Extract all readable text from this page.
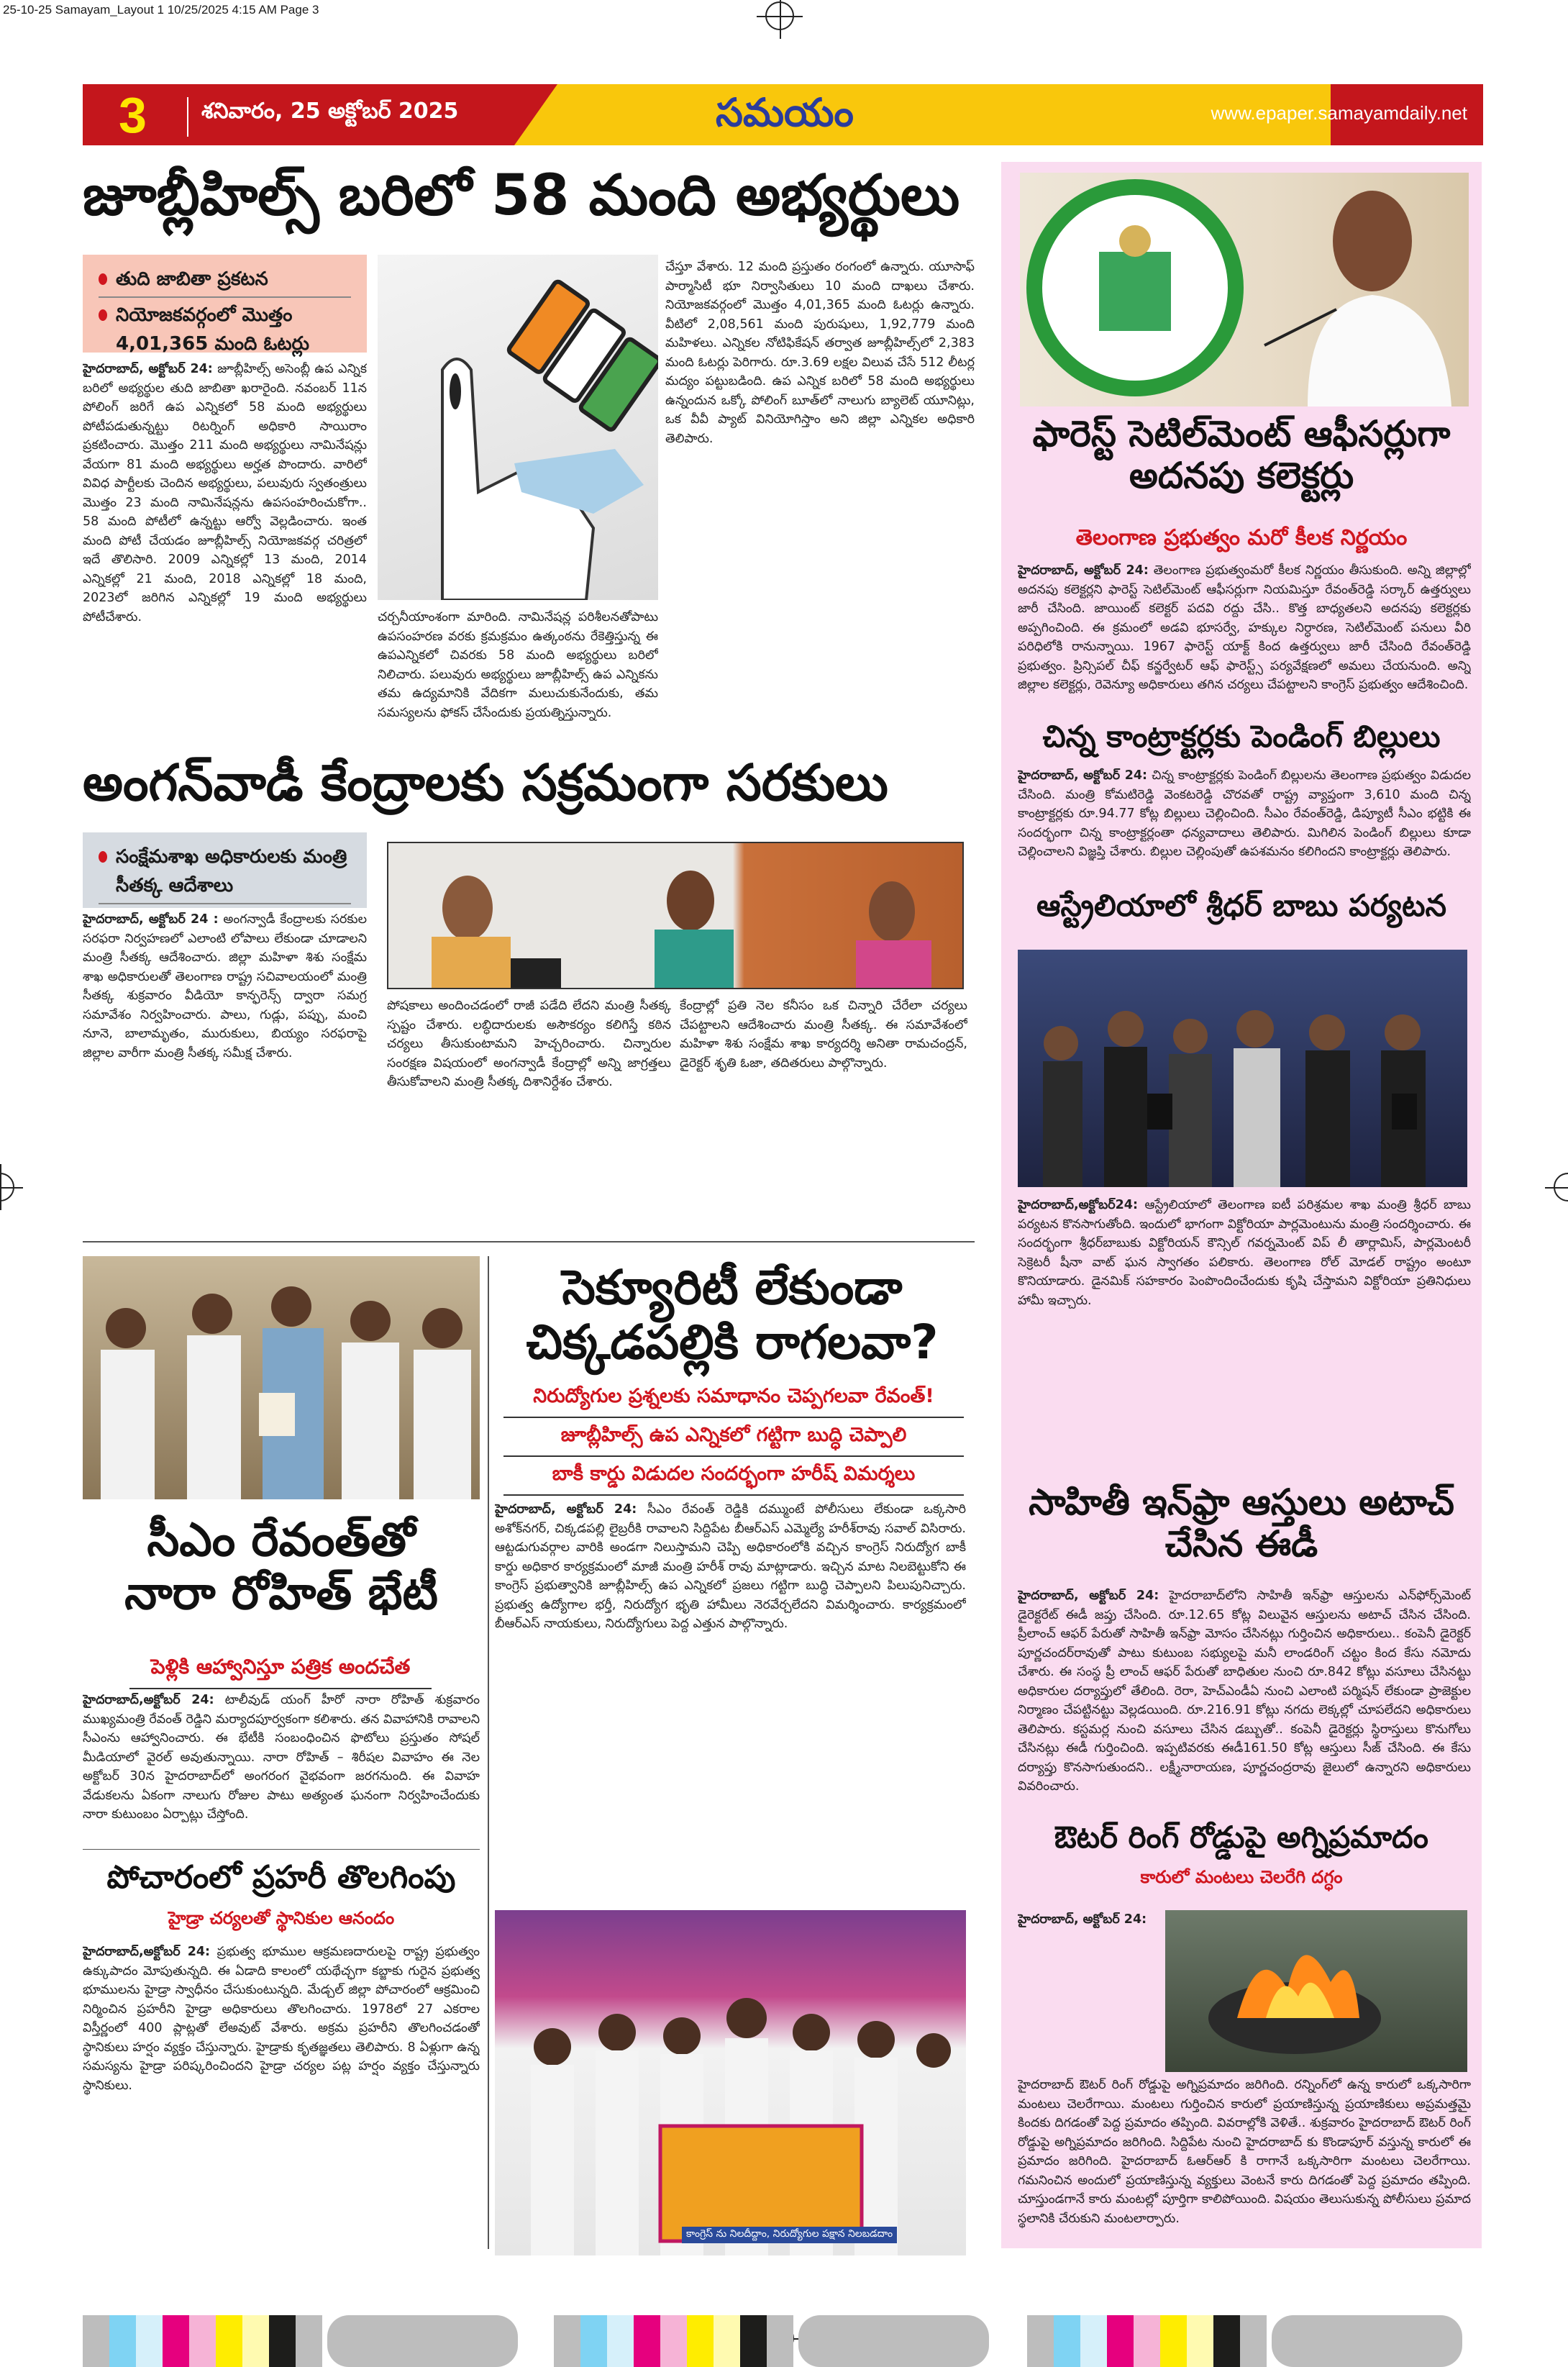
25-10-25 Samayam_Layout 1 10/25/2025 4:15 AM Page 3
3	శనివారం, 25 అక్టోబర్ 2025	సమయం	www.epaper.samayamdaily.net
జూబ్లీహిల్స్ బరిలో 58 మంది అభ్యర్థులు
తుది జాబితా ప్రకటన
నియోజకవర్గంలో మొత్తం 4,01,365 మంది ఓటర్లు
హైదరాబాద్, అక్టోబర్ 24: జూబ్లీహిల్స్ అసెంబ్లీ ఉప ఎన్నిక బరిలో అభ్యర్థుల తుది జాబితా ఖరారైంది. నవంబర్ 11న పోలింగ్ జరిగే ఉప ఎన్నికలో 58 మంది అభ్యర్థులు పోటీపడుతున్నట్టు రిటర్నింగ్ అధికారి సాయిరాం ప్రకటించారు. మొత్తం 211 మంది అభ్యర్థులు నామినేషన్లు వేయగా 81 మంది అభ్యర్థులు అర్హత పొందారు. వారిలో వివిధ పార్టీలకు చెందిన అభ్యర్థులు, పలువురు స్వతంత్రులు మొత్తం 23 మంది నామినేషన్లను ఉపసంహరించుకోగా.. 58 మంది పోటీలో ఉన్నట్టు ఆర్వో వెల్లడించారు. ఇంత మంది పోటీ చేయడం జూబ్లీహిల్స్ నియోజకవర్గ చరిత్రలో ఇదే తొలిసారి. 2009 ఎన్నికల్లో 13 మంది, 2014 ఎన్నికల్లో 21 మంది, 2018 ఎన్నికల్లో 18 మంది, 2023లో జరిగిన ఎన్నికల్లో 19 మంది అభ్యర్థులు పోటీచేశారు.	చర్చనీయాంశంగా మారింది. నామినేషన్ల పరిశీలనతోపాటు ఉపసంహరణ వరకు క్రమక్రమం ఉత్కంఠను రేకెత్తిస్తున్న ఈ ఉపఎన్నికలో చివరకు 58 మంది అభ్యర్థులు బరిలో నిలిచారు. పలువురు అభ్యర్థులు జూబ్లీహిల్స్ ఉప ఎన్నికను తమ ఉద్యమానికి వేదికగా మలుచుకునేందుకు, తమ సమస్యలను ఫోకస్ చేసేందుకు ప్రయత్నిస్తున్నారు.
చేస్తూ వేశారు. 12 మంది ప్రస్తుతం రంగంలో ఉన్నారు. యూసాఫ్ పార్మాసిటీ భూ నిర్వాసితులు 10 మంది దాఖలు చేశారు. నియోజకవర్గంలో మొత్తం 4,01,365 మంది ఓటర్లు ఉన్నారు. వీటిలో 2,08,561 మంది పురుషులు, 1,92,779 మంది మహిళలు. ఎన్నికల నోటిఫికేషన్ తర్వాత జూబ్లీహిల్స్‌లో 2,383 మంది ఓటర్లు పెరిగారు. రూ.3.69 లక్షల విలువ చేసే 512 లీటర్ల మద్యం పట్టుబడింది. ఉప ఎన్నిక బరిలో 58 మంది అభ్యర్థులు ఉన్నందున ఒక్కో పోలింగ్ బూత్‌లో నాలుగు బ్యాలెట్ యూనిట్లు, ఒక వీవీ ప్యాట్ వినియోగిస్తాం అని జిల్లా ఎన్నికల అధికారి తెలిపారు.
అంగన్‌వాడీ కేంద్రాలకు సక్రమంగా సరకులు
సంక్షేమశాఖ అధికారులకు మంత్రి సీతక్క ఆదేశాలు
హైదరాబాద్, అక్టోబర్ 24 : అంగన్వాడీ కేంద్రాలకు సరకుల సరఫరా నిర్వహణలో ఎలాంటి లోపాలు లేకుండా చూడాలని మంత్రి సీతక్క ఆదేశించారు. జిల్లా మహిళా శిశు సంక్షేమ శాఖ అధికారులతో తెలంగాణ రాష్ట్ర సచివాలయంలో మంత్రి సీతక్క శుక్రవారం వీడియో కాన్ఫరెన్స్ ద్వారా సమగ్ర సమావేశం నిర్వహించారు. పాలు, గుడ్లు, పప్పు, మంచి నూనె, బాలామృతం, మురుకులు, బియ్యం సరఫరాపై జిల్లాల వారీగా మంత్రి సీతక్క సమీక్ష చేశారు.
పోషకాలు అందించడంలో రాజీ పడేది లేదని మంత్రి సీతక్క స్పష్టం చేశారు. లబ్ధిదారులకు అసౌకర్యం కలిగిస్తే కఠిన చర్యలు తీసుకుంటామని హెచ్చరించారు. చిన్నారుల సంరక్షణ విషయంలో అంగన్వాడీ కేంద్రాల్లో అన్ని జాగ్రత్తలు తీసుకోవాలని మంత్రి సీతక్క దిశానిర్దేశం చేశారు.
కేంద్రాల్లో ప్రతి నెల కనీసం ఒక చిన్నారి చేరేలా చర్యలు చేపట్టాలని ఆదేశించారు మంత్రి సీతక్క. ఈ సమావేశంలో మహిళా శిశు సంక్షేమ శాఖ కార్యదర్శి అనితా రామచంద్రన్, డైరెక్టర్ శృతి ఓజా, తదితరులు పాల్గొన్నారు.
సీఎం రేవంత్‌తో
నారా రోహిత్ భేటీ
పెళ్లికి ఆహ్వానిస్తూ పత్రిక అందచేత
హైదరాబాద్,అక్టోబర్ 24: టాలీవుడ్ యంగ్ హీరో నారా రోహిత్ శుక్రవారం ముఖ్యమంత్రి రేవంత్ రెడ్డిని మర్యాదపూర్వకంగా కలిశారు. తన వివాహానికి రావాలని సీఎంను ఆహ్వానించారు. ఈ భేటీకి సంబంధించిన ఫొటోలు ప్రస్తుతం సోషల్ మీడియాలో వైరల్ అవుతున్నాయి. నారా రోహిత్ – శిరీషల వివాహం ఈ నెల అక్టోబర్ 30న హైదరాబాద్‌లో అంగరంగ వైభవంగా జరగనుంది. ఈ వివాహ వేడుకలను ఏకంగా నాలుగు రోజుల పాటు అత్యంత ఘనంగా నిర్వహించేందుకు నారా కుటుంబం ఏర్పాట్లు చేస్తోంది.
పోచారంలో ప్రహరీ తొలగింపు
హైడ్రా చర్యలతో స్థానికుల ఆనందం
హైదరాబాద్,అక్టోబర్ 24: ప్రభుత్వ భూముల ఆక్రమణదారులపై రాష్ట్ర ప్రభుత్వం ఉక్కుపాదం మోపుతున్నది. ఈ ఏడాది కాలంలో యథేచ్ఛగా కబ్జాకు గురైన ప్రభుత్వ భూములను హైడ్రా స్వాధీనం చేసుకుంటున్నది. మేడ్చల్ జిల్లా పోచారంలో ఆక్రమించి నిర్మించిన ప్రహరీని హైడ్రా అధికారులు తొలగించారు. 1978లో 27 ఎకరాల విస్తీర్ణంలో 400 ప్లాట్లతో లేఅవుట్ వేశారు. అక్రమ ప్రహరీని తొలగించడంతో స్థానికులు హర్షం వ్యక్తం చేస్తున్నారు. హైడ్రాకు కృతజ్ఞతలు తెలిపారు. 8 ఏళ్లుగా ఉన్న సమస్యను హైడ్రా పరిష్కరించిందని హైడ్రా చర్యల పట్ల హర్షం వ్యక్తం చేస్తున్నారు స్థానికులు.
సెక్యూరిటీ లేకుండా
చిక్కడపల్లికి రాగలవా?
నిరుద్యోగుల ప్రశ్నలకు సమాధానం చెప్పగలవా రేవంత్!
జూబ్లీహిల్స్ ఉప ఎన్నికలో గట్టిగా బుద్ధి చెప్పాలి
బాకీ కార్డు విడుదల సందర్భంగా హరీష్ విమర్శలు
హైదరాబాద్, అక్టోబర్ 24: సీఎం రేవంత్ రెడ్డికి దమ్ముంటే పోలీసులు లేకుండా ఒక్కసారి అశోక్‌నగర్, చిక్కడపల్లి లైబ్రరీకి రావాలని సిద్దిపేట బీఆర్ఎస్ ఎమ్మెల్యే హరీశ్‌రావు సవాల్ విసిరారు. ఆట్టడుగువర్గాల వారికి అండగా నిలుస్తామని చెప్పి అధికారంలోకి వచ్చిన కాంగ్రెస్ నిరుద్యోగ బాకీ కార్డు అధికార కార్యక్రమంలో మాజీ మంత్రి హరీశ్ రావు మాట్లాడారు. ఇచ్చిన మాట నిలబెట్టుకోని ఈ కాంగ్రెస్ ప్రభుత్వానికి జూబ్లీహిల్స్ ఉప ఎన్నికలో ప్రజలు గట్టిగా బుద్ధి చెప్పాలని పిలుపునిచ్చారు. ప్రభుత్వ ఉద్యోగాల భర్తీ, నిరుద్యోగ భృతి హామీలు నెరవేర్చలేదని విమర్శించారు. కార్యక్రమంలో బీఆర్ఎస్ నాయకులు, నిరుద్యోగులు పెద్ద ఎత్తున పాల్గొన్నారు.
కాంగ్రెస్ ను నిలదీద్దాం, నిరుద్యోగుల పక్షాన నిలబడదాం
ఫారెస్ట్ సెటిల్‌మెంట్ ఆఫీసర్లుగా అదనపు కలెక్టర్లు
తెలంగాణ ప్రభుత్వం మరో కీలక నిర్ణయం
హైదరాబాద్, అక్టోబర్ 24: తెలంగాణ ప్రభుత్వంమరో కీలక నిర్ణయం తీసుకుంది. అన్ని జిల్లాల్లో అదనపు కలెక్టర్లని ఫారెస్ట్ సెటిల్‌మెంట్ ఆఫీసర్లుగా నియమిస్తూ రేవంత్‌రెడ్డి సర్కార్ ఉత్తర్వులు జారీ చేసింది. జాయింట్ కలెక్టర్ పదవి రద్దు చేసి.. కొత్త బాధ్యతలని అదనపు కలెక్టర్లకు అప్పగించింది. ఈ క్రమంలో అడవి భూసర్వే, హక్కుల నిర్ధారణ, సెటిల్‌మెంట్ పనులు వీరి పరిధిలోకి రానున్నాయి. 1967 ఫారెస్ట్ యాక్ట్ కింద ఉత్తర్వులు జారీ చేసింది రేవంత్‌రెడ్డి ప్రభుత్వం. ప్రిన్సిపల్ చీఫ్ కన్జర్వేటర్ ఆఫ్ ఫారెస్ట్స్ పర్యవేక్షణలో అమలు చేయనుంది. అన్ని జిల్లాల కలెక్టర్లు, రెవెన్యూ అధికారులు తగిన చర్యలు చేపట్టాలని కాంగ్రెస్ ప్రభుత్వం ఆదేశించింది.
చిన్న కాంట్రాక్టర్లకు పెండింగ్ బిల్లులు
హైదరాబాద్, అక్టోబర్ 24: చిన్న కాంట్రాక్టర్లకు పెండింగ్ బిల్లులను తెలంగాణ ప్రభుత్వం విడుదల చేసింది. మంత్రి కోమటిరెడ్డి వెంకటరెడ్డి చొరవతో రాష్ట్ర వ్యాప్తంగా 3,610 మంది చిన్న కాంట్రాక్టర్లకు రూ.94.77 కోట్ల బిల్లులు చెల్లించింది. సీఎం రేవంత్‌రెడ్డి, డిప్యూటీ సీఎం భట్టికి ఈ సందర్భంగా చిన్న కాంట్రాక్టర్లంతా ధన్యవాదాలు తెలిపారు. మిగిలిన పెండింగ్ బిల్లులు కూడా చెల్లించాలని విజ్ఞప్తి చేశారు. బిల్లుల చెల్లింపుతో ఉపశమనం కలిగిందని కాంట్రాక్టర్లు తెలిపారు.
ఆస్ట్రేలియాలో శ్రీధర్ బాబు పర్యటన
హైదరాబాద్,అక్టోబర్24: ఆస్ట్రేలియాలో తెలంగాణ ఐటీ పరిశ్రమల శాఖ మంత్రి శ్రీధర్ బాబు పర్యటన కొనసాగుతోంది. ఇందులో భాగంగా విక్టోరియా పార్లమెంటును మంత్రి సందర్శించారు. ఈ సందర్భంగా శ్రీధర్‌బాబుకు విక్టోరియన్ కౌన్సిల్ గవర్నమెంట్ విప్ లీ తార్లామిస్, పార్లమెంటరీ సెక్రెటరీ షీనా వాట్ ఘన స్వాగతం పలికారు. తెలంగాణ రోల్ మోడల్ రాష్ట్రం అంటూ కొనియాడారు. డైనమిక్ సహకారం పెంపొందించేందుకు కృషి చేస్తామని విక్టోరియా ప్రతినిధులు హామీ ఇచ్చారు.
సాహితీ ఇన్‌ఫ్రా ఆస్తులు అటాచ్ చేసిన ఈడీ
హైదరాబాద్, అక్టోబర్ 24: హైదరాబాద్‌లోని సాహితీ ఇన్‌ఫ్రా ఆస్తులను ఎన్‌ఫోర్స్‌మెంట్ డైరెక్టరేట్ ఈడీ జప్తు చేసింది. రూ.12.65 కోట్ల విలువైన ఆస్తులను అటాచ్ చేసిన చేసింది. ప్రీలాంచ్ ఆఫర్ పేరుతో సాహితీ ఇన్‌ఫ్రా మోసం చేసినట్లు గుర్తించిన అధికారులు.. కంపెనీ డైరెక్టర్ పూర్ణచందర్‌రావుతో పాటు కుటుంబ సభ్యులపై మనీ లాండరింగ్ చట్టం కింద కేసు నమోదు చేశారు. ఈ సంస్థ ప్రీ లాంచ్ ఆఫర్ పేరుతో బాధితుల నుంచి రూ.842 కోట్లు వసూలు చేసినట్టు అధికారుల దర్యాప్తులో తేలింది. రెరా, హెచ్ఎండీఏ నుంచి ఎలాంటి పర్మిషన్ లేకుండా ప్రాజెక్టుల నిర్మాణం చేపట్టినట్టు వెల్లడయింది. రూ.216.91 కోట్లు నగదు లెక్కల్లో చూపలేదని అధికారులు తెలిపారు. కస్టమర్ల నుంచి వసూలు చేసిన డబ్బుతో.. కంపెనీ డైరెక్టర్లు స్థిరాస్తులు కొనుగోలు చేసినట్లు ఈడీ గుర్తించింది. ఇప్పటివరకు ఈడీ161.50 కోట్ల ఆస్తులు సీజ్ చేసింది. ఈ కేసు దర్యాప్తు కొనసాగుతుందని.. లక్ష్మీనారాయణ, పూర్ణచంద్రరావు జైలులో ఉన్నారని అధికారులు వివరించారు.
ఔటర్ రింగ్ రోడ్డుపై అగ్నిప్రమాదం
కారులో మంటలు చెలరేగి దగ్ధం
హైదరాబాద్, అక్టోబర్ 24:
హైదరాబాద్ ఔటర్ రింగ్ రోడ్డుపై అగ్నిప్రమాదం జరిగింది. రన్నింగ్‌లో ఉన్న కారులో ఒక్కసారిగా మంటలు చెలరేగాయి. మంటలు గుర్తించిన కారులో ప్రయాణిస్తున్న ప్రయాణికులు అప్రమత్తమై కిందకు దిగడంతో పెద్ద ప్రమాదం తప్పింది. వివరాల్లోకి వెళితే.. శుక్రవారం హైదరాబాద్ ఔటర్ రింగ్ రోడ్డుపై అగ్నిప్రమాదం జరిగింది. సిద్దిపేట నుంచి హైదరాబాద్ కు కొండాపూర్ వస్తున్న కారులో ఈ ప్రమాదం జరిగింది. హైదరాబాద్ ఓఆర్ఆర్ కి రాగానే ఒక్కసారిగా మంటలు చెలరేగాయి. గమనించిన అందులో ప్రయాణిస్తున్న వ్యక్తులు వెంటనే కారు దిగడంతో పెద్ద ప్రమాదం తప్పింది. చూస్తుండగానే కారు మంటల్లో పూర్తిగా కాలిపోయింది. విషయం తెలుసుకున్న పోలీసులు ప్రమాద స్థలానికి చేరుకుని మంటలార్పారు.
